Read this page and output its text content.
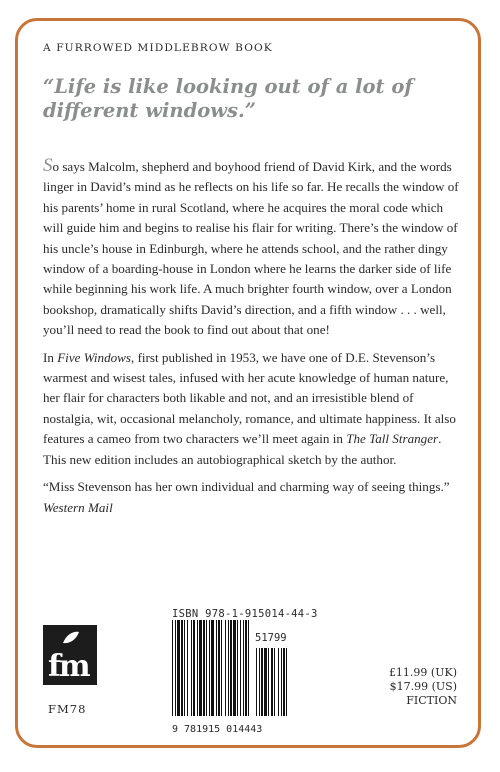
A FURROWED MIDDLEBROW BOOK
“Life is like looking out of a lot of different windows.”

So says Malcolm, shepherd and boyhood friend of David Kirk, and the words linger in David’s mind as he reflects on his life so far. He recalls the window of his parents’ home in rural Scotland, where he acquires the moral code which will guide him and begins to realise his flair for writing. There’s the window of his uncle’s house in Edinburgh, where he attends school, and the rather dingy window of a boarding-house in London where he learns the darker side of life while beginning his work life. A much brighter fourth window, over a London bookshop, dramatically shifts David’s direction, and a fifth window . . . well, you’ll need to read the book to find out about that one!

In Five Windows, first published in 1953, we have one of D.E. Stevenson’s warmest and wisest tales, infused with her acute knowledge of human nature, her flair for characters both likable and not, and an irresistible blend of nostalgia, wit, occasional melancholy, romance, and ultimate happiness. It also features a cameo from two characters we’ll meet again in The Tall Stranger. This new edition includes an autobiographical sketch by the author.

“Miss Stevenson has her own individual and charming way of seeing things.” Western Mail

fm
FM78
ISBN 978-1-915014-44-3
51799
9 781915 014443
£11.99 (UK)
$17.99 (US)
FICTION
